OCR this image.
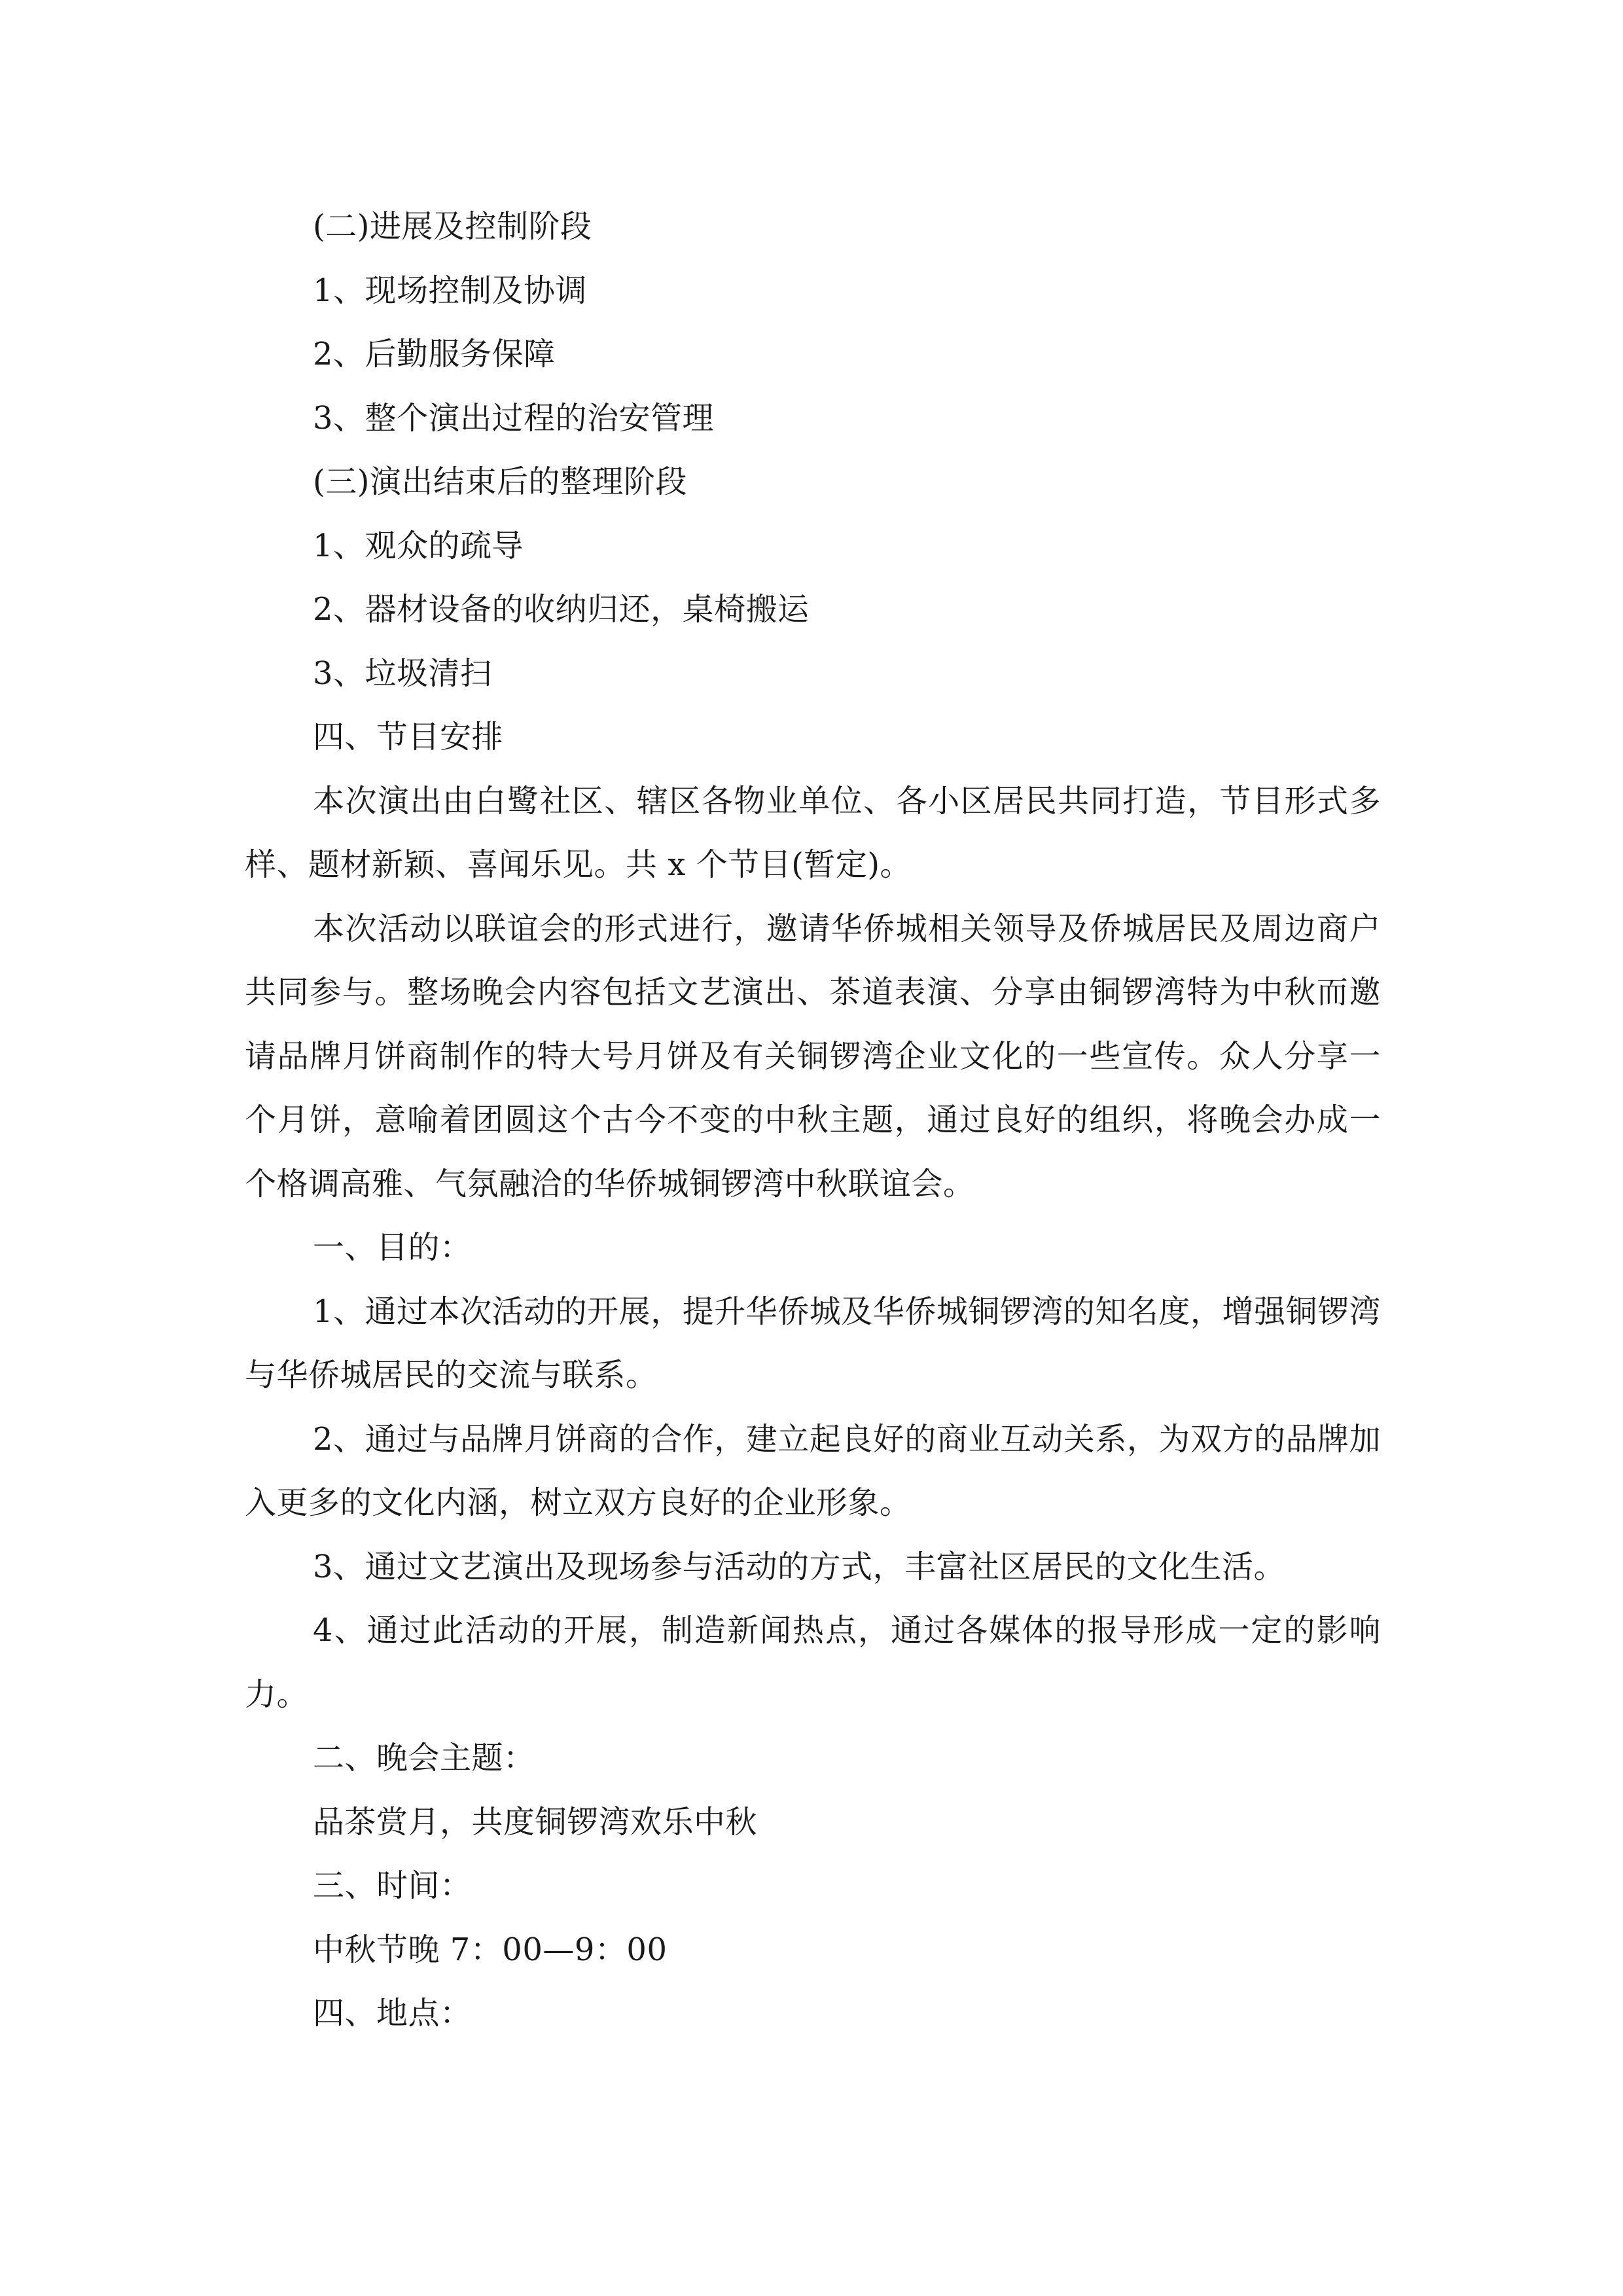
(二)进展及控制阶段

1、现场控制及协调

2、后勤服务保障

3、整个演出过程的治安管理

(三)演出结束后的整理阶段

1、观众的疏导

2、器材设备的收纳归还，桌椅搬运

3、垃圾清扫

四、节目安排

本次演出由白鹭社区、辖区各物业单位、各小区居民共同打造，节目形式多样、题材新颖、喜闻乐见。共 x 个节目(暂定)。

本次活动以联谊会的形式进行，邀请华侨城相关领导及侨城居民及周边商户共同参与。整场晚会内容包括文艺演出、茶道表演、分享由铜锣湾特为中秋而邀请品牌月饼商制作的特大号月饼及有关铜锣湾企业文化的一些宣传。众人分享一个月饼，意喻着团圆这个古今不变的中秋主题，通过良好的组织，将晚会办成一个格调高雅、气氛融洽的华侨城铜锣湾中秋联谊会。

一、目的：

1、通过本次活动的开展，提升华侨城及华侨城铜锣湾的知名度，增强铜锣湾与华侨城居民的交流与联系。

2、通过与品牌月饼商的合作，建立起良好的商业互动关系，为双方的品牌加入更多的文化内涵，树立双方良好的企业形象。

3、通过文艺演出及现场参与活动的方式，丰富社区居民的文化生活。

4、通过此活动的开展，制造新闻热点，通过各媒体的报导形成一定的影响力。

二、晚会主题：

品茶赏月，共度铜锣湾欢乐中秋

三、时间：

中秋节晚 7：00—9：00

四、地点：
